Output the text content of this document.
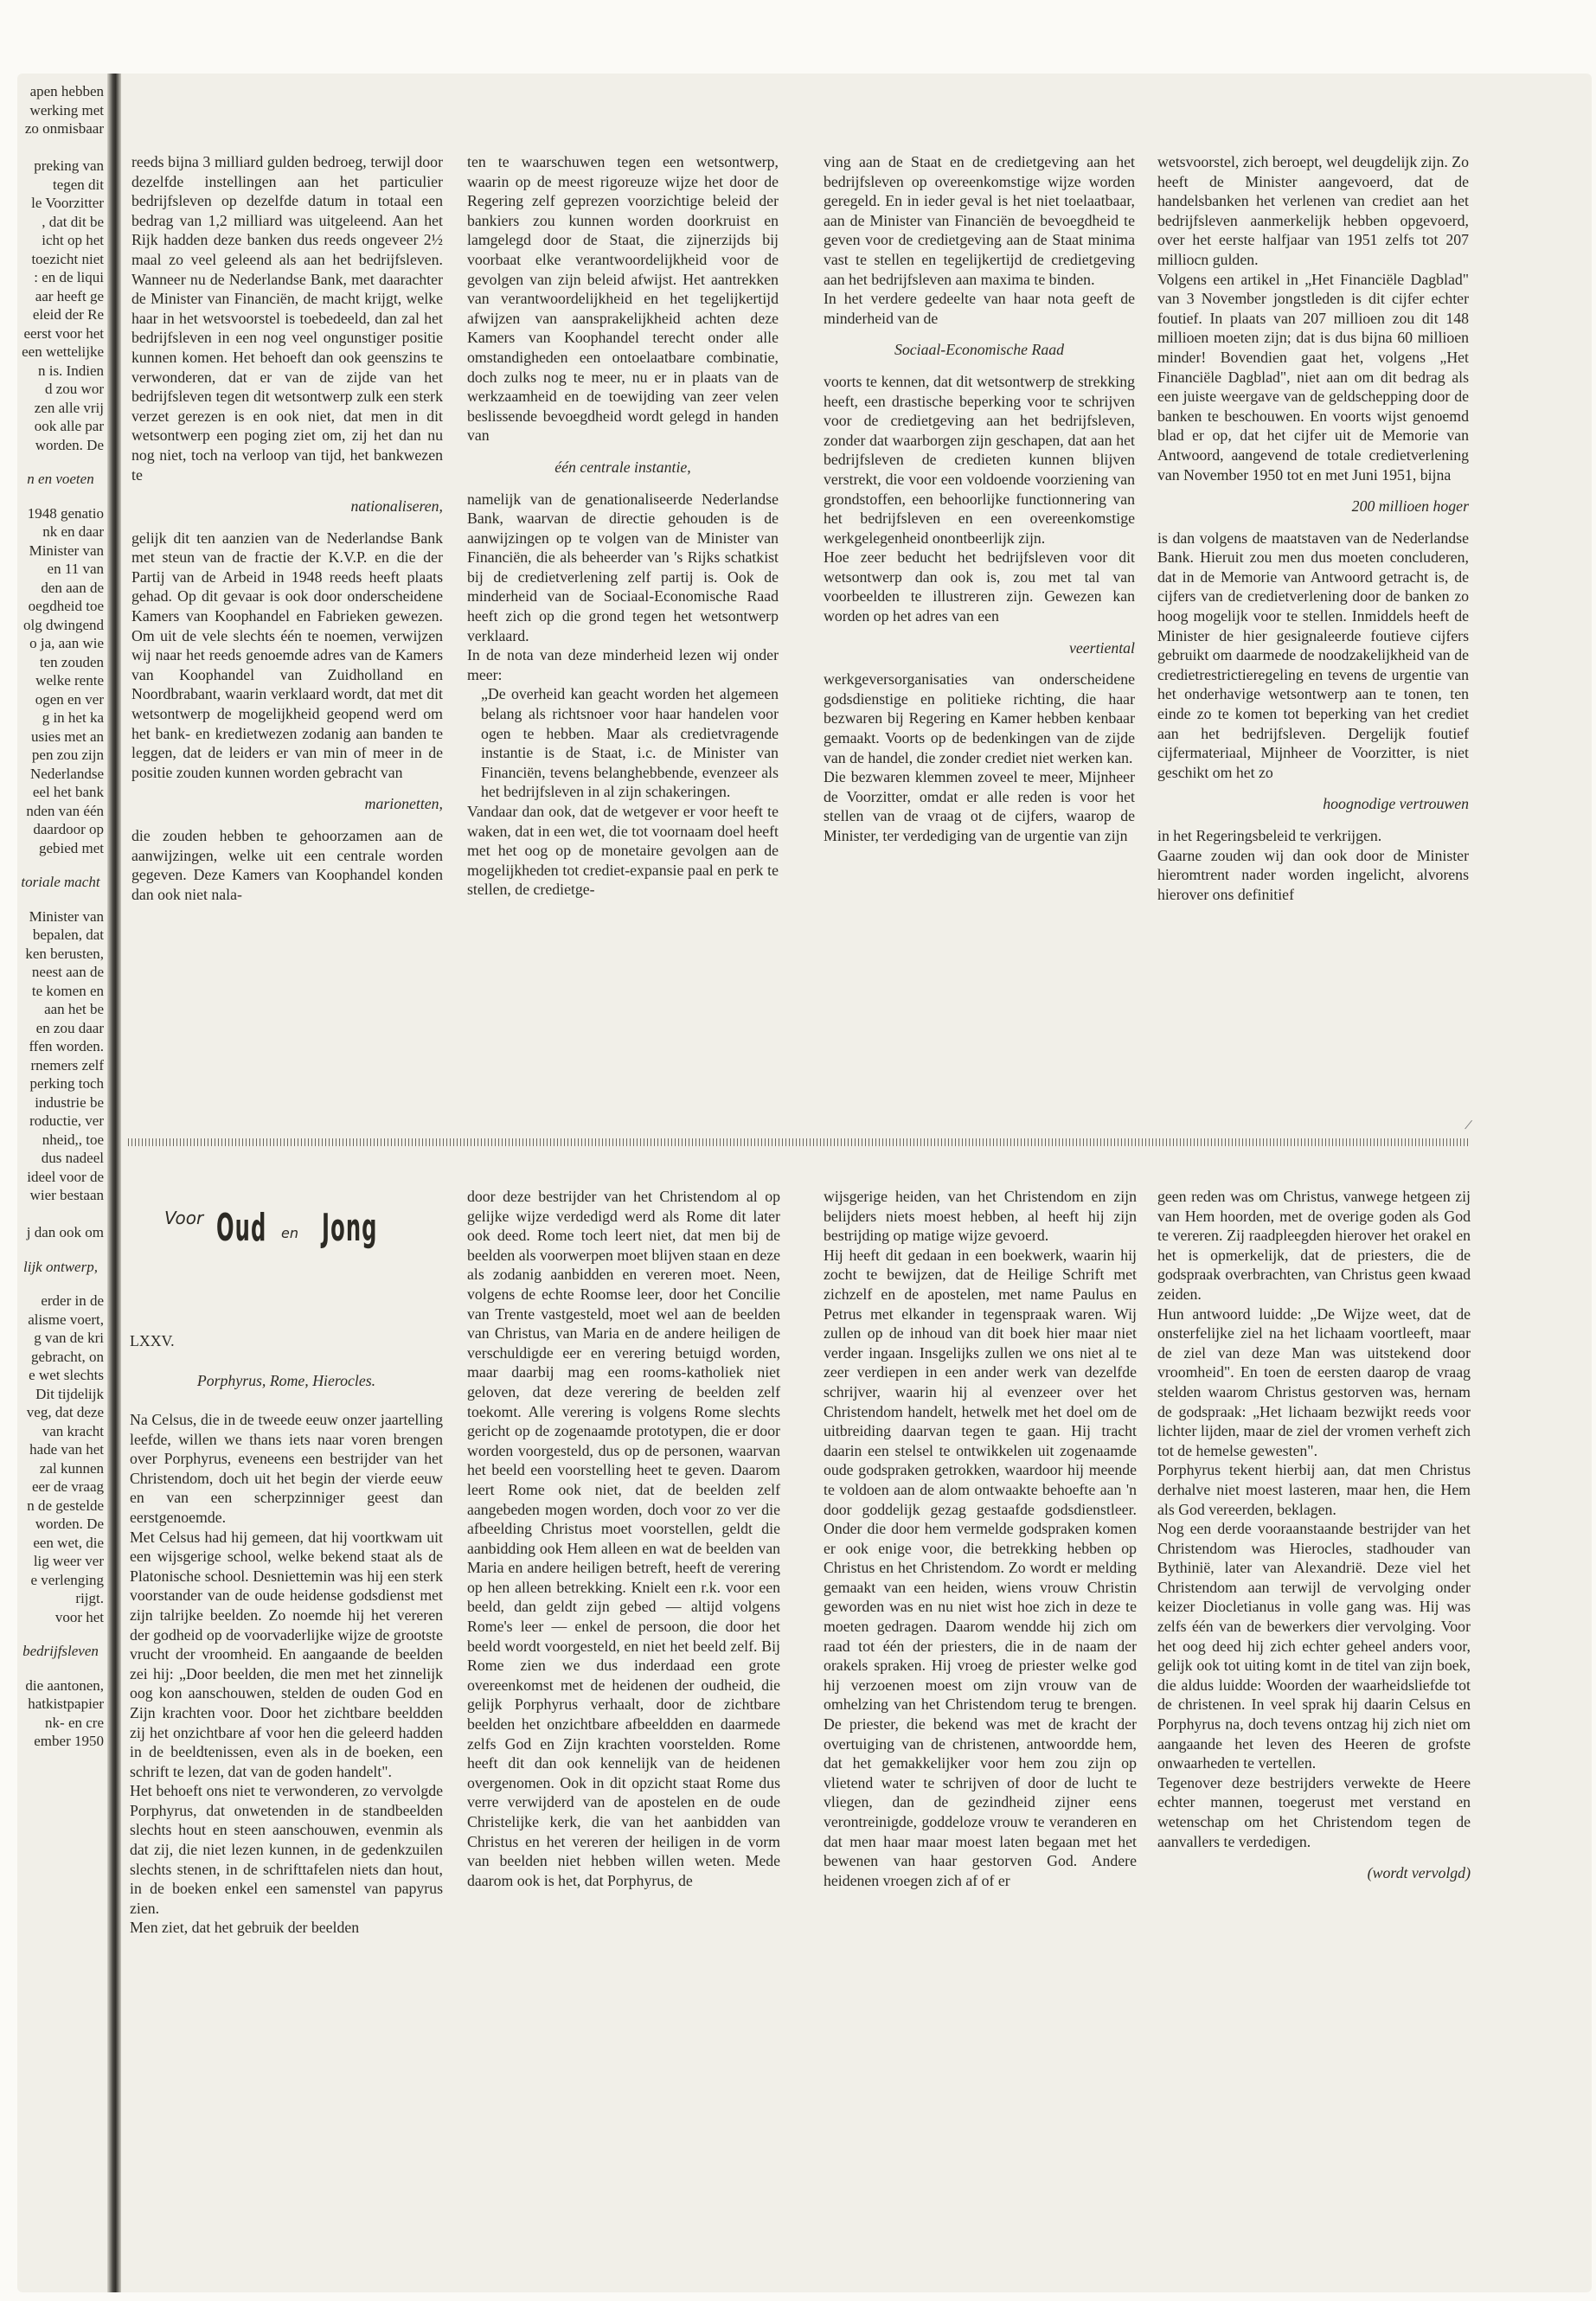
apen hebben

werking met

zo onmisbaar

preking van

tegen dit

le Voorzitter

, dat dit be

icht op het

toezicht niet

: en de liqui

aar heeft ge

eleid der Re

eerst voor het

een wettelijke

n is. Indien

d zou wor

zen alle vrij

ook alle par

worden. De

n en voeten

1948 genatio

nk en daar

Minister van

en 11 van

den aan de

oegdheid toe

olg dwingend

o ja, aan wie

ten zouden

welke rente

ogen en ver

g in het ka

usies met an

pen zou zijn

Nederlandse

eel het bank

nden van één

daardoor op

gebied met

toriale macht

Minister van

bepalen, dat

ken berusten,

neest aan de

te komen en

aan het be

en zou daar

ffen worden.

rnemers zelf

perking toch

industrie be

roductie, ver

nheid,, toe

dus nadeel

ideel voor de

wier bestaan

j dan ook om

lijk ontwerp,

erder in de

alisme voert,

g van de kri

gebracht, on

e wet slechts

Dit tijdelijk

veg, dat deze

van kracht

hade van het

zal kunnen

eer de vraag

n de gestelde

worden. De

een wet, die

lig weer ver

e verlenging

rijgt.

voor het

bedrijfsleven

die aantonen,

hatkistpapier

nk- en cre

ember 1950

reeds bijna 3 milliard gulden bedroeg, terwijl door dezelfde instellingen aan het particulier bedrijfsleven op dezelfde datum in totaal een bedrag van 1,2 milliard was uitgeleend. Aan het Rijk hadden deze banken dus reeds ongeveer 2½ maal zo veel geleend als aan het bedrijfsleven. Wanneer nu de Nederlandse Bank, met daarachter de Minister van Financiën, de macht krijgt, welke haar in het wetsvoorstel is toebedeeld, dan zal het bedrijfsleven in een nog veel ongunstiger positie kunnen komen. Het behoeft dan ook geenszins te verwonderen, dat er van de zijde van het bedrijfsleven tegen dit wetsontwerp zulk een sterk verzet gerezen is en ook niet, dat men in dit wetsontwerp een poging ziet om, zij het dan nu nog niet, toch na verloop van tijd, het bankwezen te

nationaliseren,

gelijk dit ten aanzien van de Nederlandse Bank met steun van de fractie der K.V.P. en die der Partij van de Arbeid in 1948 reeds heeft plaats gehad. Op dit gevaar is ook door onderscheidene Kamers van Koophandel en Fabrieken gewezen. Om uit de vele slechts één te noemen, verwijzen wij naar het reeds genoemde adres van de Kamers van Koophandel van Zuidholland en Noordbrabant, waarin verklaard wordt, dat met dit wetsontwerp de mogelijkheid geopend werd om het bank- en kredietwezen zodanig aan banden te leggen, dat de leiders er van min of meer in de positie zouden kunnen worden gebracht van

marionetten,

die zouden hebben te gehoorzamen aan de aanwijzingen, welke uit een centrale worden gegeven. Deze Kamers van Koophandel konden dan ook niet nala-

ten te waarschuwen tegen een wetsontwerp, waarin op de meest rigoreuze wijze het door de Regering zelf geprezen voorzichtige beleid der bankiers zou kunnen worden doorkruist en lamgelegd door de Staat, die zijnerzijds bij voorbaat elke verantwoordelijkheid voor de gevolgen van zijn beleid afwijst. Het aantrekken van verantwoordelijkheid en het tegelijkertijd afwijzen van aansprakelijkheid achten deze Kamers van Koophandel terecht onder alle omstandigheden een ontoelaatbare combinatie, doch zulks nog te meer, nu er in plaats van de werkzaamheid en de toewijding van zeer velen beslissende bevoegdheid wordt gelegd in handen van

één centrale instantie,

namelijk van de genationaliseerde Nederlandse Bank, waarvan de directie gehouden is de aanwijzingen op te volgen van de Minister van Financiën, die als beheerder van 's Rijks schatkist bij de credietverlening zelf partij is. Ook de minderheid van de Sociaal-Economische Raad heeft zich op die grond tegen het wetsontwerp verklaard.

In de nota van deze minderheid lezen wij onder meer:

„De overheid kan geacht worden het algemeen belang als richtsnoer voor haar handelen voor ogen te hebben. Maar als credietvragende instantie is de Staat, i.c. de Minister van Financiën, tevens belanghebbende, evenzeer als het bedrijfsleven in al zijn schakeringen.

Vandaar dan ook, dat de wetgever er voor heeft te waken, dat in een wet, die tot voornaam doel heeft met het oog op de monetaire gevolgen aan de mogelijkheden tot crediet-expansie paal en perk te stellen, de credietge-

ving aan de Staat en de credietgeving aan het bedrijfsleven op overeenkomstige wijze worden geregeld. En in ieder geval is het niet toelaatbaar, aan de Minister van Financiën de bevoegdheid te geven voor de credietgeving aan de Staat minima vast te stellen en tegelijkertijd de credietgeving aan het bedrijfsleven aan maxima te binden.

In het verdere gedeelte van haar nota geeft de minderheid van de

Sociaal-Economische Raad

voorts te kennen, dat dit wetsontwerp de strekking heeft, een drastische beperking voor te schrijven voor de credietgeving aan het bedrijfsleven, zonder dat waarborgen zijn geschapen, dat aan het bedrijfsleven de credieten kunnen blijven verstrekt, die voor een voldoende voorziening van grondstoffen, een behoorlijke functionnering van het bedrijfsleven en een overeenkomstige werkgelegenheid onontbeerlijk zijn.

Hoe zeer beducht het bedrijfsleven voor dit wetsontwerp dan ook is, zou met tal van voorbeelden te illustreren zijn. Gewezen kan worden op het adres van een

veertiental

werkgeversorganisaties van onderscheidene godsdienstige en politieke richting, die haar bezwaren bij Regering en Kamer hebben kenbaar gemaakt. Voorts op de bedenkingen van de zijde van de handel, die zonder crediet niet werken kan.

Die bezwaren klemmen zoveel te meer, Mijnheer de Voorzitter, omdat er alle reden is voor het stellen van de vraag ot de cijfers, waarop de Minister, ter verdediging van de urgentie van zijn

wetsvoorstel, zich beroept, wel deugdelijk zijn. Zo heeft de Minister aangevoerd, dat de handelsbanken het verlenen van crediet aan het bedrijfsleven aanmerkelijk hebben opgevoerd, over het eerste halfjaar van 1951 zelfs tot 207 milliocn gulden.

Volgens een artikel in „Het Financiële Dagblad" van 3 November jongstleden is dit cijfer echter foutief. In plaats van 207 millioen zou dit 148 millioen moeten zijn; dat is dus bijna 60 millioen minder! Bovendien gaat het, volgens „Het Financiële Dagblad", niet aan om dit bedrag als een juiste weergave van de geldschepping door de banken te beschouwen. En voorts wijst genoemd blad er op, dat het cijfer uit de Memorie van Antwoord, aangevend de totale credietverlening van November 1950 tot en met Juni 1951, bijna

200 millioen hoger

is dan volgens de maatstaven van de Nederlandse Bank. Hieruit zou men dus moeten concluderen, dat in de Memorie van Antwoord getracht is, de cijfers van de credietverlening door de banken zo hoog mogelijk voor te stellen. Inmiddels heeft de Minister de hier gesignaleerde foutieve cijfers gebruikt om daarmede de noodzakelijkheid van de credietrestrictieregeling en tevens de urgentie van het onderhavige wetsontwerp aan te tonen, ten einde zo te komen tot beperking van het crediet aan het bedrijfsleven. Dergelijk foutief cijfermateriaal, Mijnheer de Voorzitter, is niet geschikt om het zo

hoognodige vertrouwen

in het Regeringsbeleid te verkrijgen.

Gaarne zouden wij dan ook door de Minister hieromtrent nader worden ingelicht, alvorens hierover ons definitief

/
Voor Oud en Jong
LXXV.
Porphyrus, Rome, Hierocles.

Na Celsus, die in de tweede eeuw onzer jaartelling leefde, willen we thans iets naar voren brengen over Porphyrus, eveneens een bestrijder van het Christendom, doch uit het begin der vierde eeuw en van een scherpzinniger geest dan eerstgenoemde.

Met Celsus had hij gemeen, dat hij voortkwam uit een wijsgerige school, welke bekend staat als de Platonische school. Desniettemin was hij een sterk voorstander van de oude heidense godsdienst met zijn talrijke beelden. Zo noemde hij het vereren der godheid op de voorvaderlijke wijze de grootste vrucht der vroomheid. En aangaande de beelden zei hij: „Door beelden, die men met het zinnelijk oog kon aanschouwen, stelden de ouden God en Zijn krachten voor. Door het zichtbare beeldden zij het onzichtbare af voor hen die geleerd hadden in de beeldtenissen, even als in de boeken, een schrift te lezen, dat van de goden handelt".

Het behoeft ons niet te verwonderen, zo vervolgde Porphyrus, dat onwetenden in de standbeelden slechts hout en steen aanschouwen, evenmin als dat zij, die niet lezen kunnen, in de gedenkzuilen slechts stenen, in de schrifttafelen niets dan hout, in de boeken enkel een samenstel van papyrus zien.

Men ziet, dat het gebruik der beelden

door deze bestrijder van het Christendom al op gelijke wijze verdedigd werd als Rome dit later ook deed. Rome toch leert niet, dat men bij de beelden als voorwerpen moet blijven staan en deze als zodanig aanbidden en vereren moet. Neen, volgens de echte Roomse leer, door het Concilie van Trente vastgesteld, moet wel aan de beelden van Christus, van Maria en de andere heiligen de verschuldigde eer en verering betuigd worden, maar daarbij mag een rooms-katholiek niet geloven, dat deze verering de beelden zelf toekomt. Alle verering is volgens Rome slechts gericht op de zogenaamde prototypen, die er door worden voorgesteld, dus op de personen, waarvan het beeld een voorstelling heet te geven. Daarom leert Rome ook niet, dat de beelden zelf aangebeden mogen worden, doch voor zo ver die afbeelding Christus moet voorstellen, geldt die aanbidding ook Hem alleen en wat de beelden van Maria en andere heiligen betreft, heeft de verering op hen alleen betrekking. Knielt een r.k. voor een beeld, dan geldt zijn gebed — altijd volgens Rome's leer — enkel de persoon, die door het beeld wordt voorgesteld, en niet het beeld zelf. Bij Rome zien we dus inderdaad een grote overeenkomst met de heidenen der oudheid, die gelijk Porphyrus verhaalt, door de zichtbare beelden het onzichtbare afbeeldden en daarmede zelfs God en Zijn krachten voorstelden. Rome heeft dit dan ook kennelijk van de heidenen overgenomen. Ook in dit opzicht staat Rome dus verre verwijderd van de apostelen en de oude Christelijke kerk, die van het aanbidden van Christus en het vereren der heiligen in de vorm van beelden niet hebben willen weten. Mede daarom ook is het, dat Porphyrus, de

wijsgerige heiden, van het Christendom en zijn belijders niets moest hebben, al heeft hij zijn bestrijding op matige wijze gevoerd.

Hij heeft dit gedaan in een boekwerk, waarin hij zocht te bewijzen, dat de Heilige Schrift met zichzelf en de apostelen, met name Paulus en Petrus met elkander in tegenspraak waren. Wij zullen op de inhoud van dit boek hier maar niet verder ingaan. Insgelijks zullen we ons niet al te zeer verdiepen in een ander werk van dezelfde schrijver, waarin hij al evenzeer over het Christendom handelt, hetwelk met het doel om de uitbreiding daarvan tegen te gaan. Hij tracht daarin een stelsel te ontwikkelen uit zogenaamde oude godspraken getrokken, waardoor hij meende te voldoen aan de alom ontwaakte behoefte aan 'n door goddelijk gezag gestaafde godsdienstleer. Onder die door hem vermelde godspraken komen er ook enige voor, die betrekking hebben op Christus en het Christendom. Zo wordt er melding gemaakt van een heiden, wiens vrouw Christin geworden was en nu niet wist hoe zich in deze te moeten gedragen. Daarom wendde hij zich om raad tot één der priesters, die in de naam der orakels spraken. Hij vroeg de priester welke god hij verzoenen moest om zijn vrouw van de omhelzing van het Christendom terug te brengen. De priester, die bekend was met de kracht der overtuiging van de christenen, antwoordde hem, dat het gemakkelijker voor hem zou zijn op vlietend water te schrijven of door de lucht te vliegen, dan de gezindheid zijner eens verontreinigde, goddeloze vrouw te veranderen en dat men haar maar moest laten begaan met het bewenen van haar gestorven God. Andere heidenen vroegen zich af of er

geen reden was om Christus, vanwege hetgeen zij van Hem hoorden, met de overige goden als God te vereren. Zij raadpleegden hierover het orakel en het is opmerkelijk, dat de priesters, die de godspraak overbrachten, van Christus geen kwaad zeiden.

Hun antwoord luidde: „De Wijze weet, dat de onsterfelijke ziel na het lichaam voortleeft, maar de ziel van deze Man was uitstekend door vroomheid". En toen de eersten daarop de vraag stelden waarom Christus gestorven was, hernam de godspraak: „Het lichaam bezwijkt reeds voor lichter lijden, maar de ziel der vromen verheft zich tot de hemelse gewesten".

Porphyrus tekent hierbij aan, dat men Christus derhalve niet moest lasteren, maar hen, die Hem als God vereerden, beklagen.

Nog een derde vooraanstaande bestrijder van het Christendom was Hierocles, stadhouder van Bythinië, later van Alexandrië. Deze viel het Christendom aan terwijl de vervolging onder keizer Diocletianus in volle gang was. Hij was zelfs één van de bewerkers dier vervolging. Voor het oog deed hij zich echter geheel anders voor, gelijk ook tot uiting komt in de titel van zijn boek, die aldus luidde: Woorden der waarheidsliefde tot de christenen. In veel sprak hij daarin Celsus en Porphyrus na, doch tevens ontzag hij zich niet om aangaande het leven des Heeren de grofste onwaarheden te vertellen.

Tegenover deze bestrijders verwekte de Heere echter mannen, toegerust met verstand en wetenschap om het Christendom tegen de aanvallers te verdedigen.

(wordt vervolgd)
